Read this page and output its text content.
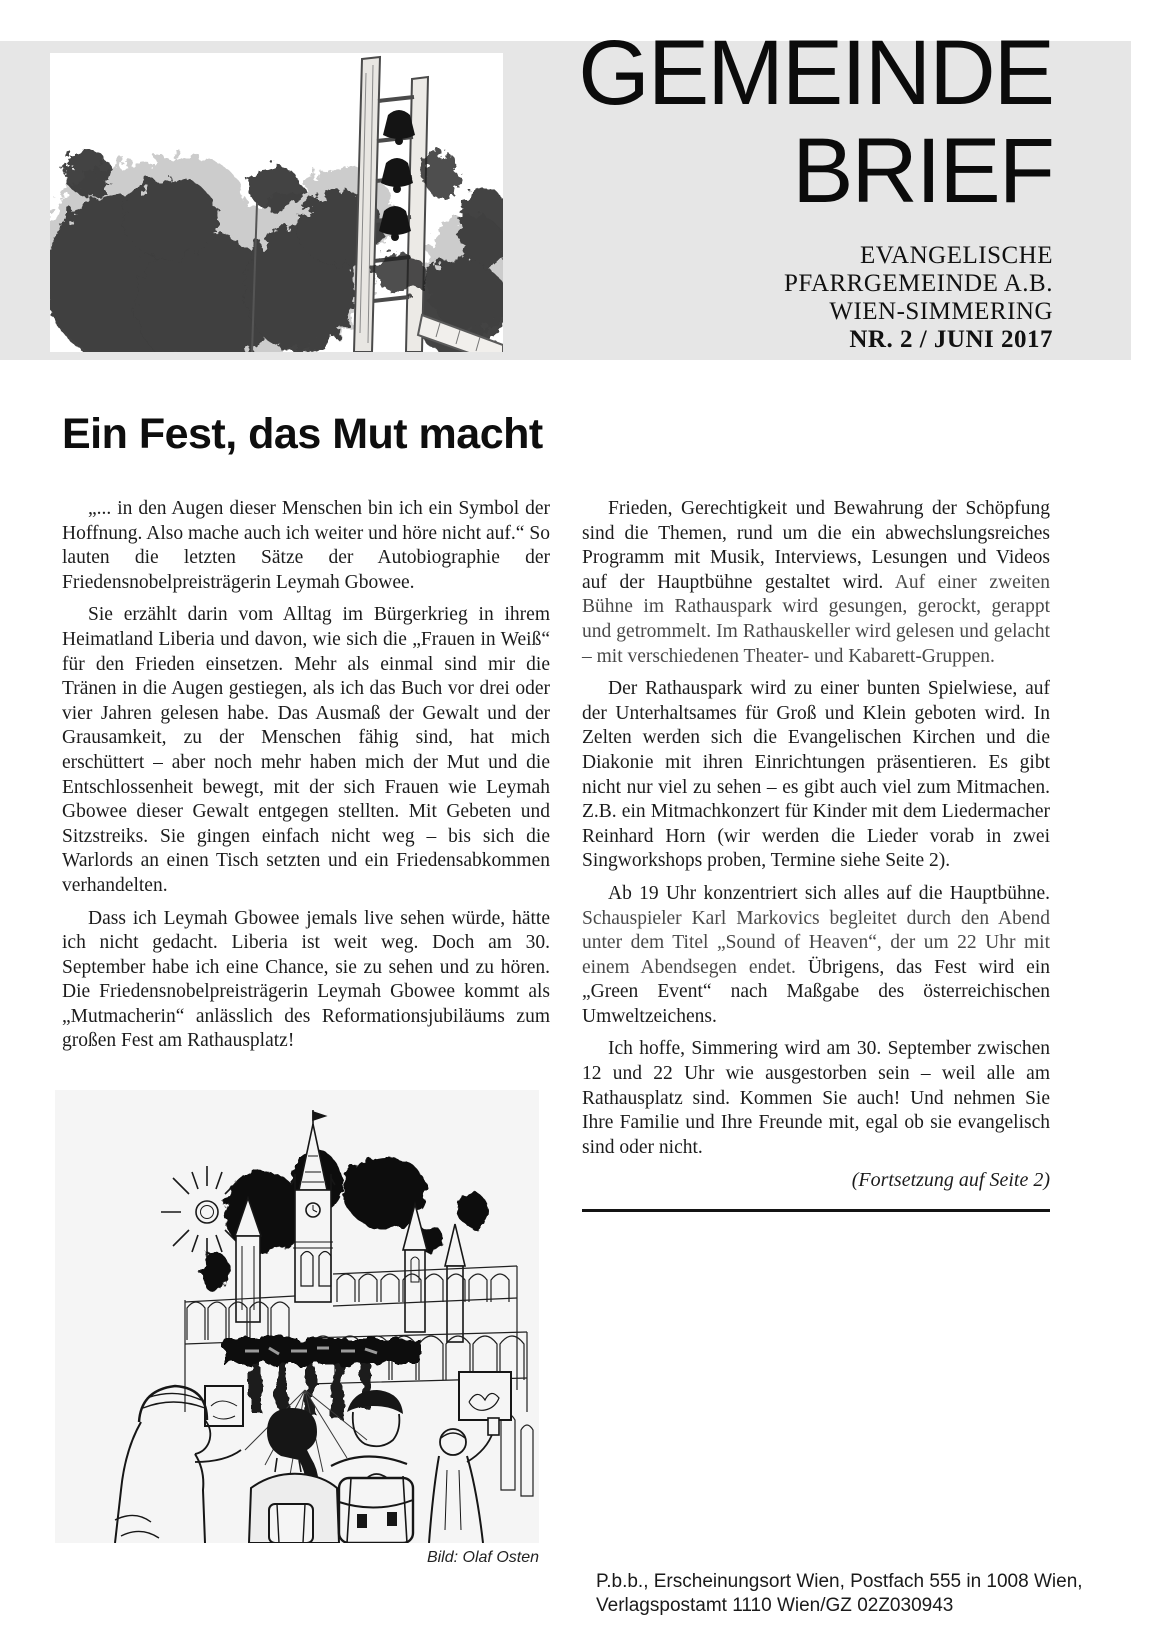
GEMEINDE
BRIEF
EVANGELISCHE
PFARRGEMEINDE A.B.
WIEN-SIMMERING
NR. 2 / JUNI 2017
Ein Fest, das Mut macht

„... in den Augen dieser Menschen bin ich ein Symbol der Hoffnung. Also mache auch ich weiter und höre nicht auf.“ So lauten die letzten Sätze der Autobiographie der Friedensnobelpreisträgerin Leymah Gbowee.

Sie erzählt darin vom Alltag im Bürgerkrieg in ihrem Heimatland Liberia und davon, wie sich die „Frauen in Weiß“ für den Frieden einsetzen. Mehr als einmal sind mir die Tränen in die Augen gestiegen, als ich das Buch vor drei oder vier Jahren gelesen habe. Das Ausmaß der Gewalt und der Grausamkeit, zu der Menschen fähig sind, hat mich erschüttert – aber noch mehr haben mich der Mut und die Entschlossenheit bewegt, mit der sich Frauen wie Leymah Gbowee dieser Gewalt entgegen stellten. Mit Gebeten und Sitzstreiks. Sie gingen einfach nicht weg – bis sich die Warlords an einen Tisch setzten und ein Friedensabkommen verhandelten.

Dass ich Leymah Gbowee jemals live sehen würde, hätte ich nicht gedacht. Liberia ist weit weg. Doch am 30. September habe ich eine Chance, sie zu sehen und zu hören. Die Friedensnobelpreisträgerin Leymah Gbowee kommt als „Mutmacherin“ anlässlich des Reformationsjubiläums zum großen Fest am Rathausplatz!

Frieden, Gerechtigkeit und Bewahrung der Schöpfung sind die Themen, rund um die ein abwechslungsreiches Programm mit Musik, Interviews, Lesungen und Videos auf der Hauptbühne gestaltet wird. Auf einer zweiten Bühne im Rathauspark wird gesungen, gerockt, gerappt und getrommelt. Im Rathauskeller wird gelesen und gelacht – mit verschiedenen Theater- und Kabarett-Gruppen.

Der Rathauspark wird zu einer bunten Spielwiese, auf der Unterhaltsames für Groß und Klein geboten wird. In Zelten werden sich die Evangelischen Kirchen und die Diakonie mit ihren Einrichtungen präsentieren. Es gibt nicht nur viel zu sehen – es gibt auch viel zum Mitmachen. Z.B. ein Mitmachkonzert für Kinder mit dem Liedermacher Reinhard Horn (wir werden die Lieder vorab in zwei Singworkshops proben, Termine siehe Seite 2).

Ab 19 Uhr konzentriert sich alles auf die Hauptbühne. Schauspieler Karl Markovics begleitet durch den Abend unter dem Titel „Sound of Heaven“, der um 22 Uhr mit einem Abendsegen endet. Übrigens, das Fest wird ein „Green Event“ nach Maßgabe des österreichischen Umweltzeichens.

Ich hoffe, Simmering wird am 30. September zwischen 12 und 22 Uhr wie ausgestorben sein – weil alle am Rathausplatz sind. Kommen Sie auch! Und nehmen Sie Ihre Familie und Ihre Freunde mit, egal ob sie evangelisch sind oder nicht.

(Fortsetzung auf Seite 2)

Bild: Olaf Osten
P.b.b., Erscheinungsort Wien, Postfach 555 in 1008 Wien,
Verlagspostamt 1110 Wien/GZ 02Z030943
